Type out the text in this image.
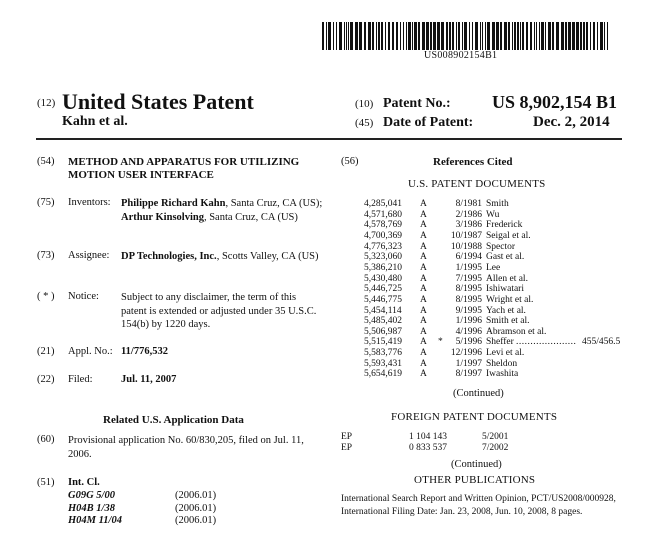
US008902154B1
(12) United States Patent
Kahn et al.
(10) Patent No.: US 8,902,154 B1
(45) Date of Patent:	Dec. 2, 2014
(54) METHOD AND APPARATUS FOR UTILIZING
MOTION USER INTERFACE
(75) Inventors: Philippe Richard Kahn, Santa Cruz, CA (US); Arthur Kinsolving, Santa Cruz, CA (US)
(73) Assignee: DP Technologies, Inc., Scotts Valley, CA (US)
( * ) Notice: Subject to any disclaimer, the term of this patent is extended or adjusted under 35 U.S.C. 154(b) by 1220 days.
(21) Appl. No.: 11/776,532
(22) Filed:	Jul. 11, 2007
Related U.S. Application Data
(60) Provisional application No. 60/830,205, filed on Jul. 11, 2006.
(51) Int. Cl.
G09G 5/00	(2006.01)
H04B 1/38	(2006.01)
H04M 11/04	(2006.01)
(56)	References Cited
U.S. PATENT DOCUMENTS
4,285,041 A	8/1981 Smith
4,571,680 A	2/1986 Wu
4,578,769 A	3/1986 Frederick
4,700,369 A	10/1987 Seigal et al.
4,776,323 A	10/1988 Spector
5,323,060 A	6/1994 Gast et al.
5,386,210 A	1/1995 Lee
5,430,480 A	7/1995 Allen et al.
5,446,725 A	8/1995 Ishiwatari
5,446,775 A	8/1995 Wright et al.
5,454,114 A	9/1995 Yach et al.
5,485,402 A	1/1996 Smith et al.
5,506,987 A	4/1996 Abramson et al.
5,515,419 A *	5/1996 Sheffer	455/456.5
.....................
5,583,776 A	12/1996 Levi et al.
5,593,431 A	1/1997 Sheldon
5,654,619 A	8/1997 Iwashita
(Continued)
FOREIGN PATENT DOCUMENTS
EP	1 104 143	5/2001
EP	0 833 537	7/2002
(Continued)
OTHER PUBLICATIONS
International Search Report and Written Opinion, PCT/US2008/000928, International Filing Date: Jan. 23, 2008, Jun. 10, 2008, 8 pages.
